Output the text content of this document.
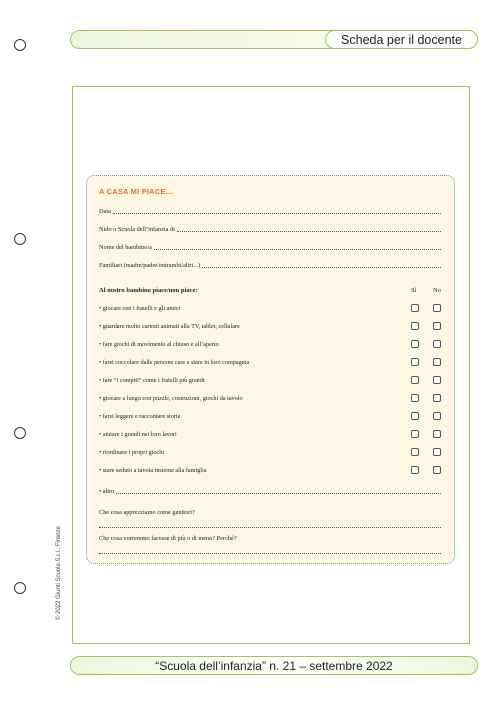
Scheda per il docente
A CASA MI PIACE…
Data
Nido o Scuola dell’infanzia di
Nome del bambino/a
Familiari (madre/padre/entrambi/altri...)
Al nostro bambino piace/non piace:	Sì	No
• giocare con i fratelli e gli amici
• guardare molto cartoni animati alla TV, tablet, cellulare
• fare giochi di movimento al chiuso e all’aperto
• farsi coccolare dalle persone care e stare in loro compagnia
• fare “i compiti” come i fratelli più grandi
• giocare a lungo con puzzle, costruzioni, giochi da tavolo
• farsi leggere e raccontare storie
• aiutare i grandi nei loro lavori
• riordinare i propri giochi
• stare seduto a tavola insieme alla famiglia
• altro
Che cosa apprezziamo come genitori?
Che cosa vorremmo facesse di più o di meno? Perché?
© 2022 Giunti Scuola S.r.l., Firenze
“Scuola dell’infanzia” n. 21 – settembre 2022
